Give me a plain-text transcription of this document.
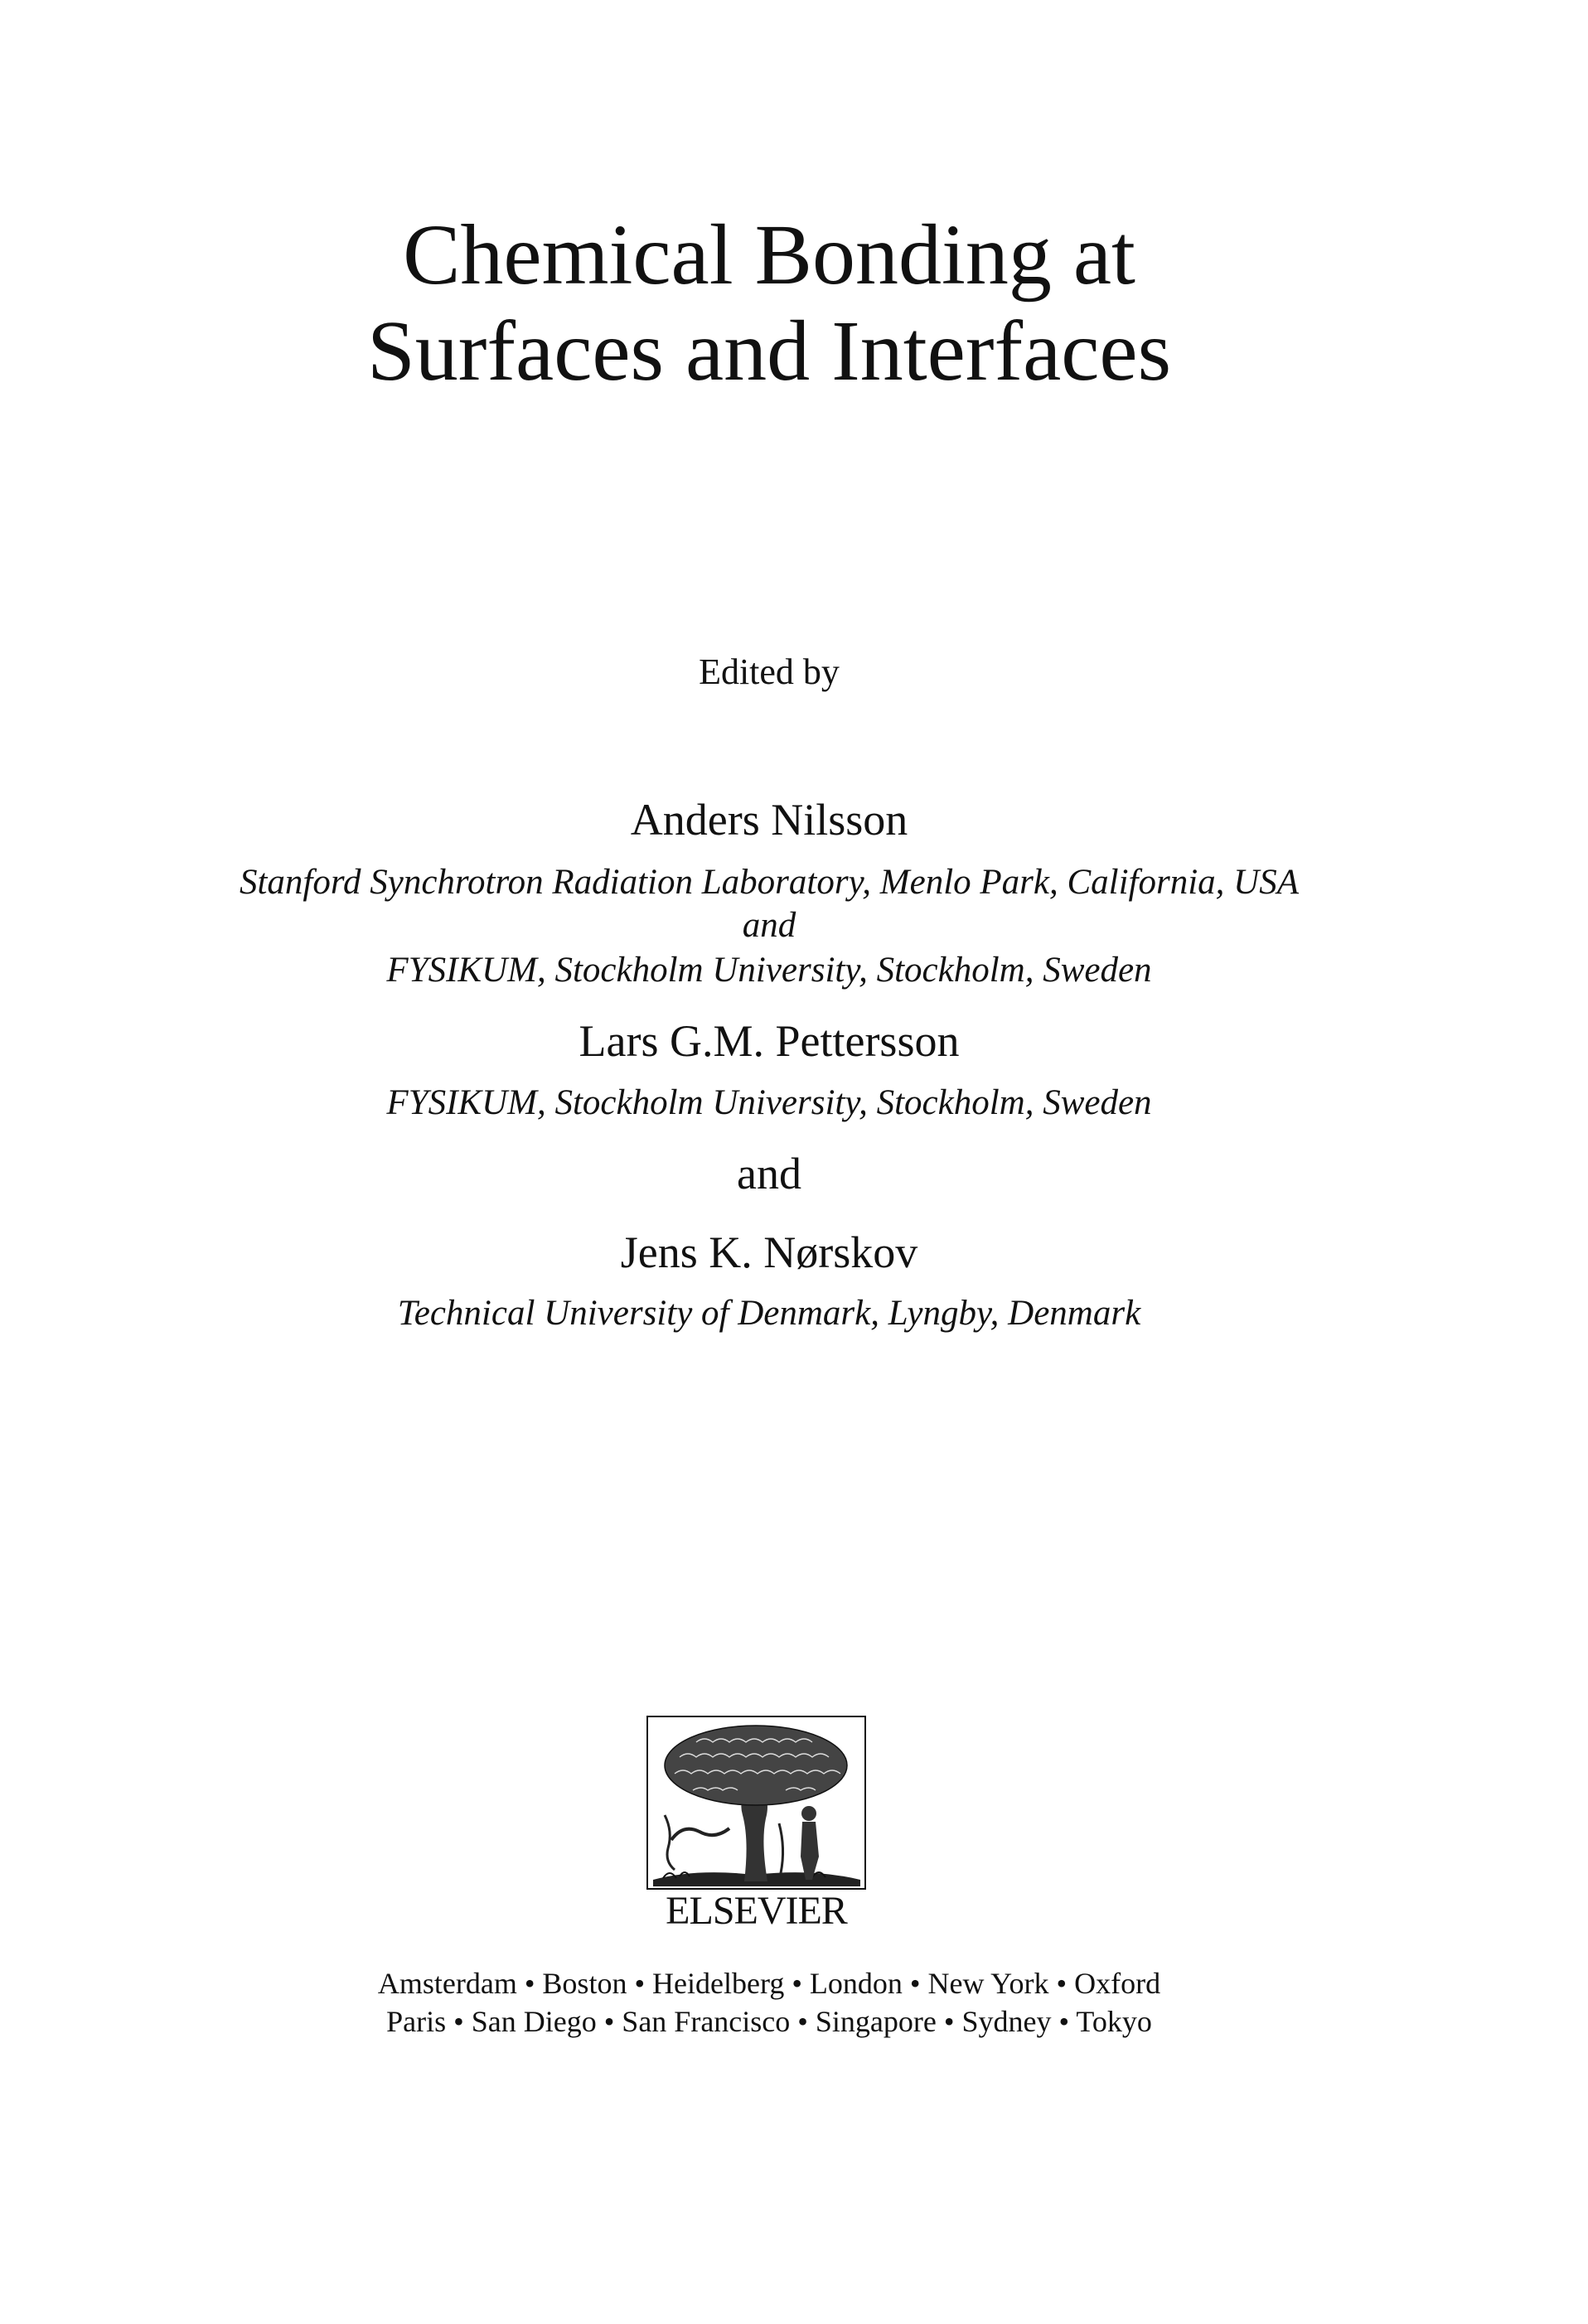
Chemical Bonding at
Surfaces and Interfaces
Edited by
Anders Nilsson
Stanford Synchrotron Radiation Laboratory, Menlo Park, California, USA
and
FYSIKUM, Stockholm University, Stockholm, Sweden
Lars G.M. Pettersson
FYSIKUM, Stockholm University, Stockholm, Sweden
and
Jens K. Nørskov
Technical University of Denmark, Lyngby, Denmark
ELSEVIER
Amsterdam • Boston • Heidelberg • London • New York • Oxford
Paris • San Diego • San Francisco • Singapore • Sydney • Tokyo
